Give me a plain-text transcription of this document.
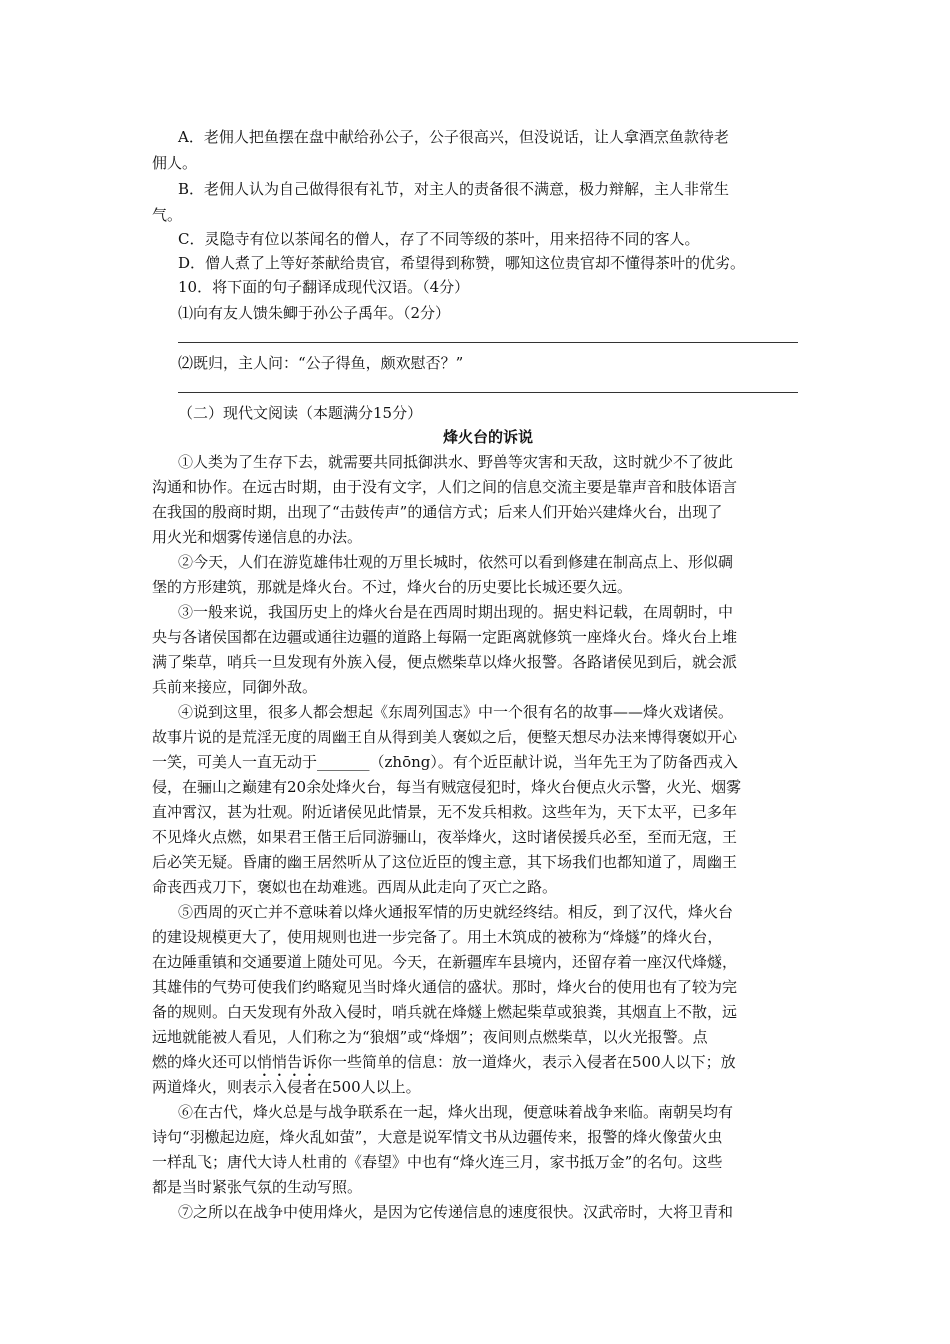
A．老佣人把鱼摆在盘中献给孙公子，公子很高兴，但没说话，让人拿酒烹鱼款待老
佣人。
B．老佣人认为自己做得很有礼节，对主人的责备很不满意，极力辩解，主人非常生
气。
C．灵隐寺有位以茶闻名的僧人，存了不同等级的茶叶，用来招待不同的客人。
D．僧人煮了上等好茶献给贵官，希望得到称赞，哪知这位贵官却不懂得茶叶的优劣。
10．将下面的句子翻译成现代汉语。（4分）
⑴向有友人馈朱鲫于孙公子禹年。（2分）
⑵既归，主人问：“公子得鱼，颇欢慰否？”
（二）现代文阅读（本题满分15分）
烽火台的诉说
①人类为了生存下去，就需要共同抵御洪水、野兽等灾害和天敌，这时就少不了彼此
沟通和协作。在远古时期，由于没有文字，人们之间的信息交流主要是靠声音和肢体语言
在我国的殷商时期，出现了“击鼓传声”的通信方式；后来人们开始兴建烽火台，出现了
用火光和烟雾传递信息的办法。
②今天，人们在游览雄伟壮观的万里长城时，依然可以看到修建在制高点上、形似碉
堡的方形建筑，那就是烽火台。不过，烽火台的历史要比长城还要久远。
③一般来说，我国历史上的烽火台是在西周时期出现的。据史料记载，在周朝时，中
央与各诸侯国都在边疆或通往边疆的道路上每隔一定距离就修筑一座烽火台。烽火台上堆
满了柴草，哨兵一旦发现有外族入侵，便点燃柴草以烽火报警。各路诸侯见到后，就会派
兵前来接应，同御外敌。
④说到这里，很多人都会想起《东周列国志》中一个很有名的故事——烽火戏诸侯。
故事片说的是荒淫无度的周幽王自从得到美人褒姒之后，便整天想尽办法来博得褒姒开心
一笑，可美人一直无动于_______（zhōng）。有个近臣献计说，当年先王为了防备西戎入
侵，在骊山之巅建有20余处烽火台，每当有贼寇侵犯时，烽火台便点火示警，火光、烟雾
直冲霄汉，甚为壮观。附近诸侯见此情景，无不发兵相救。这些年为，天下太平，已多年
不见烽火点燃，如果君王偕王后同游骊山，夜举烽火，这时诸侯援兵必至，至而无寇，王
后必笑无疑。昏庸的幽王居然听从了这位近臣的馊主意，其下场我们也都知道了，周幽王
命丧西戎刀下，褒姒也在劫难逃。西周从此走向了灭亡之路。
⑤西周的灭亡并不意味着以烽火通报军情的历史就经终结。相反，到了汉代，烽火台
的建设规模更大了，使用规则也进一步完备了。用土木筑成的被称为“烽燧”的烽火台，
在边陲重镇和交通要道上随处可见。今天，在新疆库车县境内，还留存着一座汉代烽燧，
其雄伟的气势可使我们约略窥见当时烽火通信的盛状。那时，烽火台的使用也有了较为完
备的规则。白天发现有外敌入侵时，哨兵就在烽燧上燃起柴草或狼粪，其烟直上不散，远
远地就能被人看见，人们称之为“狼烟”或“烽烟”；夜间则点燃柴草，以火光报警。点
燃的烽火还可以悄悄告诉你一些简单的信息：放一道烽火，表示入侵者在500人以下；放
两道烽火，则表示入侵者在500人以上。
⑥在古代，烽火总是与战争联系在一起，烽火出现，便意味着战争来临。南朝吴均有
诗句“羽檄起边庭，烽火乱如萤”，大意是说军情文书从边疆传来，报警的烽火像萤火虫
一样乱飞；唐代大诗人杜甫的《春望》中也有“烽火连三月，家书抵万金”的名句。这些
都是当时紧张气氛的生动写照。
⑦之所以在战争中使用烽火，是因为它传递信息的速度很快。汉武帝时，大将卫青和
